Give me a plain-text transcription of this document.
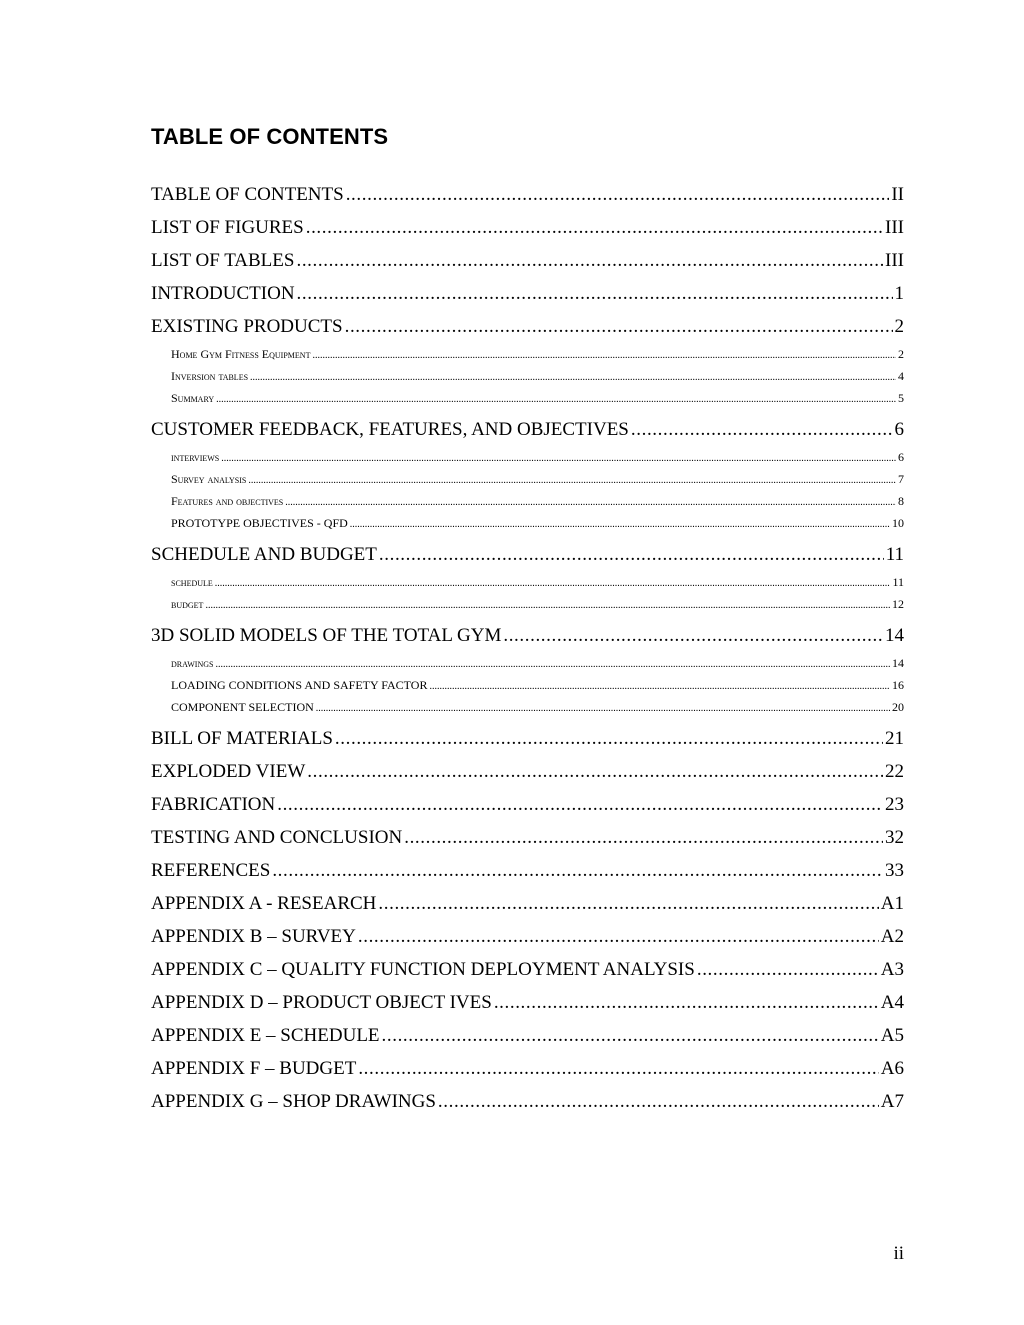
TABLE OF CONTENTS
TABLE OF CONTENTS .....	II
LIST OF FIGURES .....	III
LIST OF TABLES .....	III
INTRODUCTION .....	1
EXISTING PRODUCTS .....	2
Home Gym Fitness Equipment .....	2
Inversion tables .....	4
Summary .....	5
CUSTOMER FEEDBACK, FEATURES, AND OBJECTIVES .....	6
interviews .....	6
Survey analysis .....	7
Features and objectives .....	8
PROTOTYPE OBJECTIVES - QFD .....	10
SCHEDULE AND BUDGET .....	11
schedule .....	11
budget .....	12
3D SOLID MODELS OF THE TOTAL GYM .....	14
drawings .....	14
LOADING CONDITIONS AND SAFETY FACTOR .....	16
COMPONENT SELECTION .....	20
BILL OF MATERIALS .....	21
EXPLODED VIEW .....	22
FABRICATION .....	23
TESTING AND CONCLUSION .....	32
REFERENCES .....	33
APPENDIX A - RESEARCH .....	A1
APPENDIX B – SURVEY .....	A2
APPENDIX C – QUALITY FUNCTION DEPLOYMENT ANALYSIS .....	A3
APPENDIX D – PRODUCT OBJECT IVES .....	A4
APPENDIX E – SCHEDULE .....	A5
APPENDIX F – BUDGET .....	A6
APPENDIX G – SHOP DRAWINGS .....	A7
ii
